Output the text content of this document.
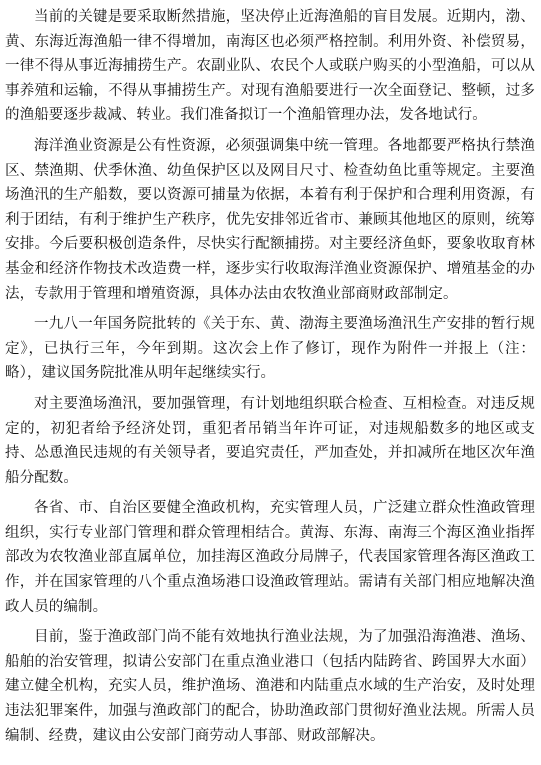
当前的关键是要采取断然措施，坚决停止近海渔船的盲目发展。近期内，渤、黄、东海近海渔船一律不得增加，南海区也必须严格控制。利用外资、补偿贸易，一律不得从事近海捕捞生产。农副业队、农民个人或联户购买的小型渔船，可以从事养殖和运输，不得从事捕捞生产。对现有渔船要进行一次全面登记、整顿，过多的渔船要逐步裁减、转业。我们准备拟订一个渔船管理办法，发各地试行。

海洋渔业资源是公有性资源，必须强调集中统一管理。各地都要严格执行禁渔区、禁渔期、伏季休渔、幼鱼保护区以及网目尺寸、检查幼鱼比重等规定。主要渔场渔汛的生产船数，要以资源可捕量为依据，本着有利于保护和合理利用资源，有利于团结，有利于维护生产秩序，优先安排邻近省市、兼顾其他地区的原则，统筹安排。今后要积极创造条件，尽快实行配额捕捞。对主要经济鱼虾，要象收取育林基金和经济作物技术改造费一样，逐步实行收取海洋渔业资源保护、增殖基金的办法，专款用于管理和增殖资源，具体办法由农牧渔业部商财政部制定。

一九八一年国务院批转的《关于东、黄、渤海主要渔场渔汛生产安排的暂行规定》，已执行三年，今年到期。这次会上作了修订，现作为附件一并报上（注：略），建议国务院批准从明年起继续实行。

对主要渔场渔汛，要加强管理，有计划地组织联合检查、互相检查。对违反规定的，初犯者给予经济处罚，重犯者吊销当年许可证，对违规船数多的地区或支持、怂恿渔民违规的有关领导者，要追究责任，严加查处，并扣减所在地区次年渔船分配数。

各省、市、自治区要健全渔政机构，充实管理人员，广泛建立群众性渔政管理组织，实行专业部门管理和群众管理相结合。黄海、东海、南海三个海区渔业指挥部改为农牧渔业部直属单位，加挂海区渔政分局牌子，代表国家管理各海区渔政工作，并在国家管理的八个重点渔场港口设渔政管理站。需请有关部门相应地解决渔政人员的编制。

目前，鉴于渔政部门尚不能有效地执行渔业法规，为了加强沿海渔港、渔场、船舶的治安管理，拟请公安部门在重点渔业港口（包括内陆跨省、跨国界大水面）建立健全机构，充实人员，维护渔场、渔港和内陆重点水域的生产治安，及时处理违法犯罪案件，加强与渔政部门的配合，协助渔政部门贯彻好渔业法规。所需人员编制、经费，建议由公安部门商劳动人事部、财政部解决。
